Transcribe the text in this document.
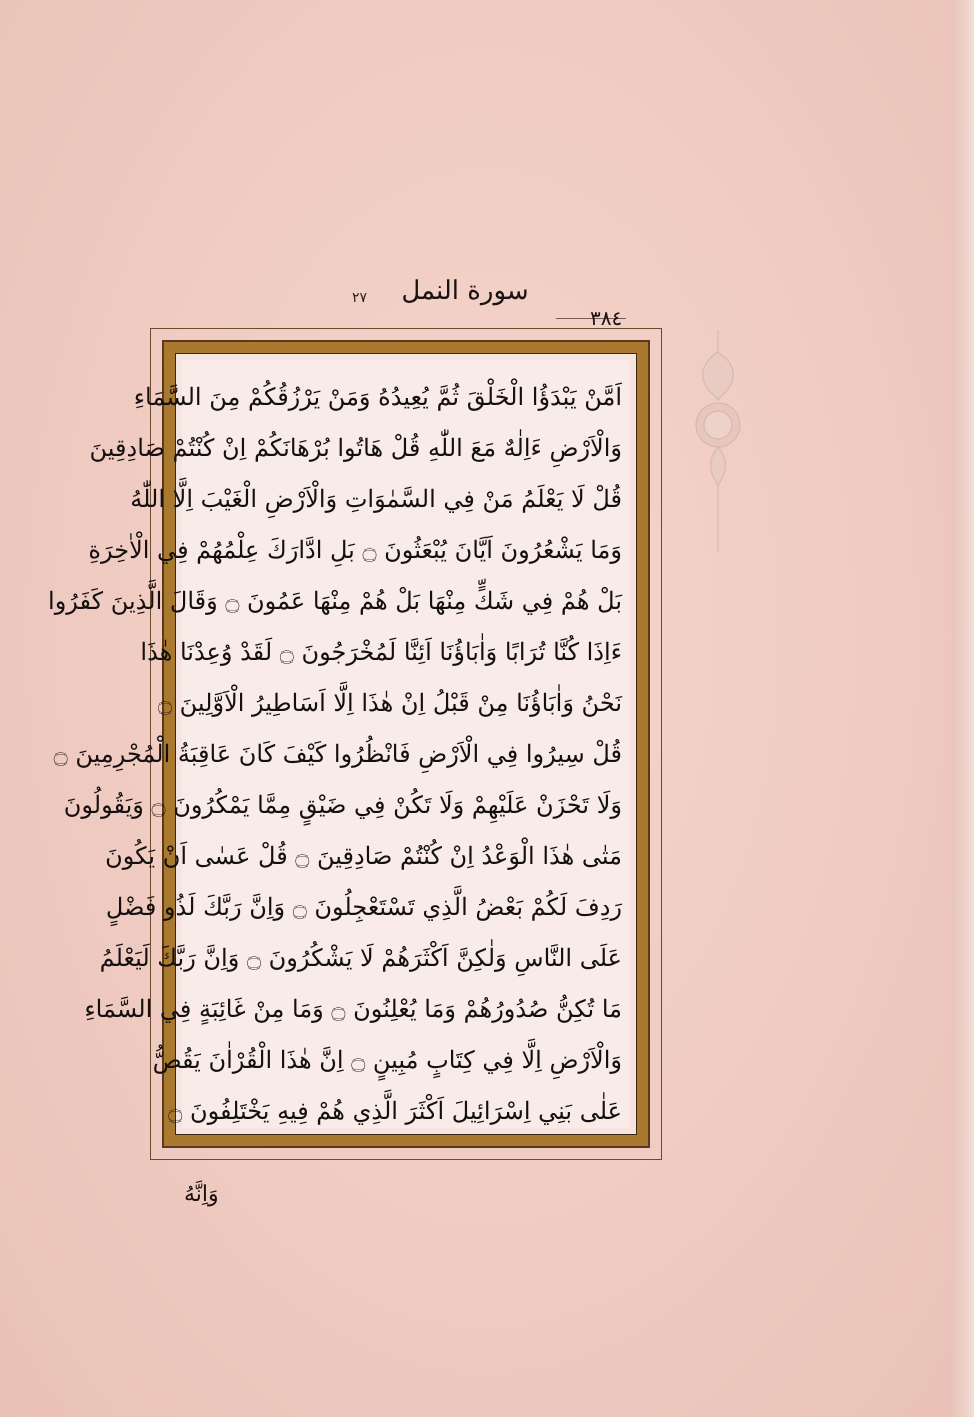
سورة النمل
٢٧
٣٨٤
اَمَّنْ يَبْدَؤُا الْخَلْقَ ثُمَّ يُعِيدُهُ وَمَنْ يَرْزُقُكُمْ مِنَ السَّمَاءِ
وَالْاَرْضِ ءَاِلٰهٌ مَعَ اللّٰهِ قُلْ هَاتُوا بُرْهَانَكُمْ اِنْ كُنْتُمْ صَادِقِينَ
قُلْ لَا يَعْلَمُ مَنْ فِي السَّمٰوَاتِ وَالْاَرْضِ الْغَيْبَ اِلَّا اللّٰهُ
وَمَا يَشْعُرُونَ اَيَّانَ يُبْعَثُونَ ۝ بَلِ ادَّارَكَ عِلْمُهُمْ فِي الْاٰخِرَةِ
بَلْ هُمْ فِي شَكٍّ مِنْهَا بَلْ هُمْ مِنْهَا عَمُونَ ۝ وَقَالَ الَّذِينَ كَفَرُوا
ءَاِذَا كُنَّا تُرَابًا وَاٰبَاؤُنَا اَئِنَّا لَمُخْرَجُونَ ۝ لَقَدْ وُعِدْنَا هٰذَا
نَحْنُ وَاٰبَاؤُنَا مِنْ قَبْلُ اِنْ هٰذَا اِلَّا اَسَاطِيرُ الْاَوَّلِينَ ۝
قُلْ سِيرُوا فِي الْاَرْضِ فَانْظُرُوا كَيْفَ كَانَ عَاقِبَةُ الْمُجْرِمِينَ ۝
وَلَا تَحْزَنْ عَلَيْهِمْ وَلَا تَكُنْ فِي ضَيْقٍ مِمَّا يَمْكُرُونَ ۝ وَيَقُولُونَ
مَتٰى هٰذَا الْوَعْدُ اِنْ كُنْتُمْ صَادِقِينَ ۝ قُلْ عَسٰى اَنْ يَكُونَ
رَدِفَ لَكُمْ بَعْضُ الَّذِي تَسْتَعْجِلُونَ ۝ وَاِنَّ رَبَّكَ لَذُو فَضْلٍ
عَلَى النَّاسِ وَلٰكِنَّ اَكْثَرَهُمْ لَا يَشْكُرُونَ ۝ وَاِنَّ رَبَّكَ لَيَعْلَمُ
مَا تُكِنُّ صُدُورُهُمْ وَمَا يُعْلِنُونَ ۝ وَمَا مِنْ غَائِبَةٍ فِي السَّمَاءِ
وَالْاَرْضِ اِلَّا فِي كِتَابٍ مُبِينٍ ۝ اِنَّ هٰذَا الْقُرْاٰنَ يَقُصُّ
عَلٰى بَنِي اِسْرَائِيلَ اَكْثَرَ الَّذِي هُمْ فِيهِ يَخْتَلِفُونَ ۝
وَاِنَّهُ
